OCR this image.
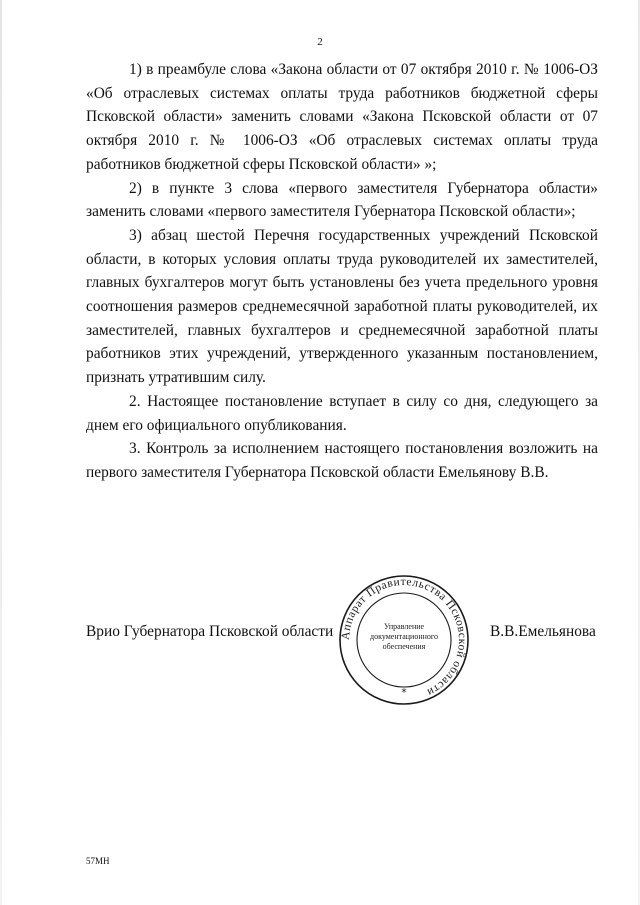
2

1) в преамбуле слова «Закона области от 07 октября 2010 г. № 1006-ОЗ «Об отраслевых системах оплаты труда работников бюджетной сферы Псковской области» заменить словами «Закона Псковской области от 07 октября 2010 г. № 1006-ОЗ «Об отраслевых системах оплаты труда работников бюджетной сферы Псковской области» »;

2) в пункте 3 слова «первого заместителя Губернатора области» заменить словами «первого заместителя Губернатора Псковской области»;

3) абзац шестой Перечня государственных учреждений Псковской области, в которых условия оплаты труда руководителей их заместителей, главных бухгалтеров могут быть установлены без учета предельного уровня соотношения размеров среднемесячной заработной платы руководителей, их заместителей, главных бухгалтеров и среднемесячной заработной платы работников этих учреждений, утвержденного указанным постановлением, признать утратившим силу.

2. Настоящее постановление вступает в силу со дня, следующего за днем его официального опубликования.

3. Контроль за исполнением настоящего постановления возложить на первого заместителя Губернатора Псковской области Емельянову В.В.

Врио Губернатора Псковской области Аппарат Правительства Псковской области
Управление
документационного
обеспечения
*
В.В.Емельянова
57МН
